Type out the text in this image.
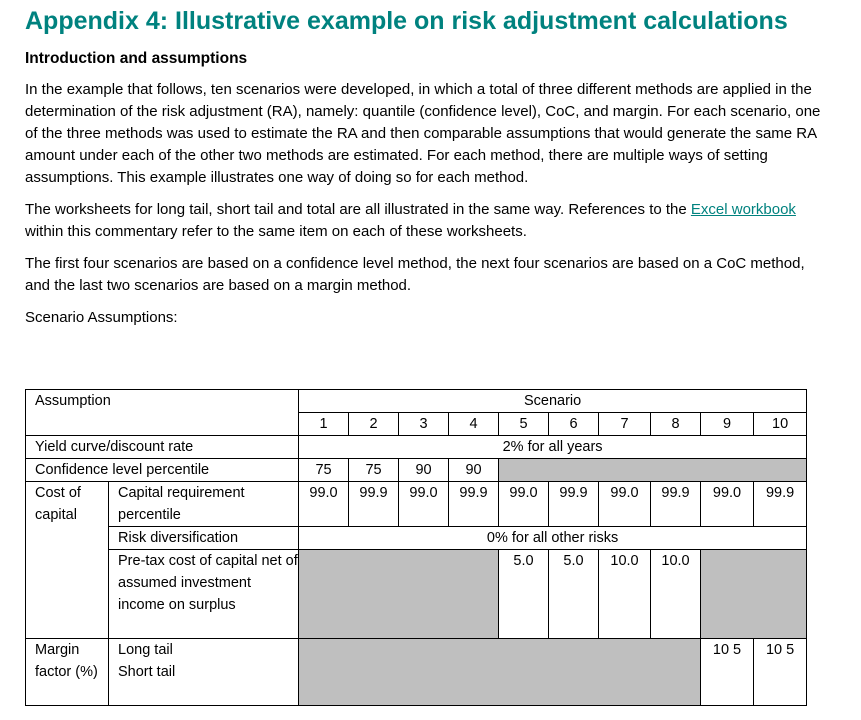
Appendix 4: Illustrative example on risk adjustment calculations
Introduction and assumptions

In the example that follows, ten scenarios were developed, in which a total of three different methods are applied in the determination of the risk adjustment (RA), namely: quantile (confidence level), CoC, and margin. For each scenario, one of the three methods was used to estimate the RA and then comparable assumptions that would generate the same RA amount under each of the other two methods are estimated. For each method, there are multiple ways of setting assumptions. This example illustrates one way of doing so for each method.

The worksheets for long tail, short tail and total are all illustrated in the same way. References to the Excel workbook within this commentary refer to the same item on each of these worksheets.

The first four scenarios are based on a confidence level method, the next four scenarios are based on a CoC method, and the last two scenarios are based on a margin method.

Scenario Assumptions:

Assumption		Scenario									
		1	2	3	4	5	6	7	8	9	10
Yield curve/discount rate		2% for all years									
Confidence level percentile		75	75	90	90						
Cost of capital	Capital requirement percentile	99.0	99.9	99.0	99.9	99.0	99.9	99.0	99.9	99.0	99.9
	Risk diversification	0% for all other risks									
	Pre-tax cost of capital net of assumed investment income on surplus					5.0	5.0	10.0	10.0		
Margin factor (%)	Long tail									10 5	10 5
	Short tail										
